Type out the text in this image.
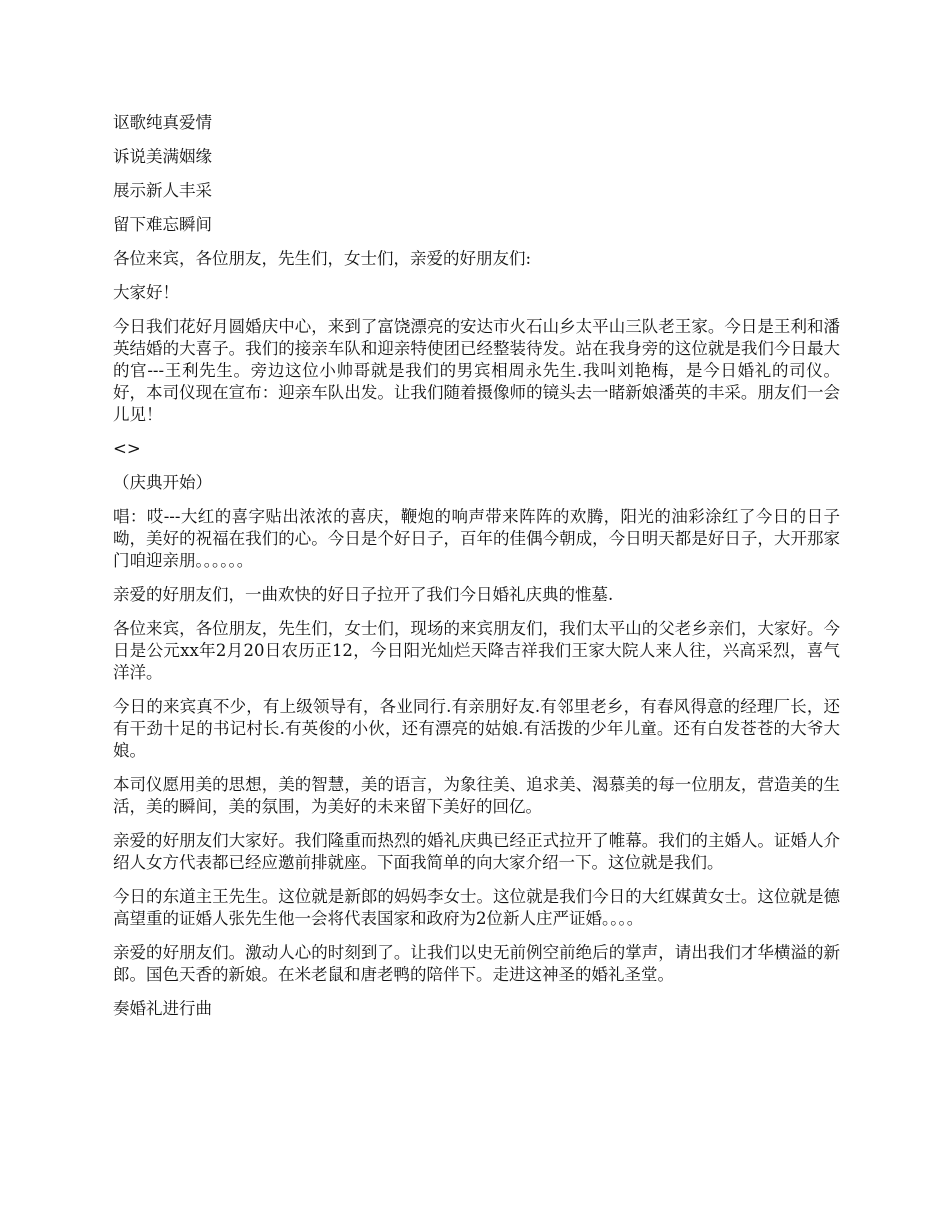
讴歌纯真爱情

诉说美满姻缘

展示新人丰采

留下难忘瞬间

各位来宾，各位朋友，先生们，女士们，亲爱的好朋友们:

大家好！

今日我们花好月圆婚庆中心，来到了富饶漂亮的安达市火石山乡太平山三队老王家。今日是王利和潘英结婚的大喜子。我们的接亲车队和迎亲特使团已经整装待发。站在我身旁的这位就是我们今日最大的官---王利先生。旁边这位小帅哥就是我们的男宾相周永先生.我叫刘艳梅，是今日婚礼的司仪。好，本司仪现在宣布：迎亲车队出发。让我们随着摄像师的镜头去一睹新娘潘英的丰采。朋友们一会儿见！

<>

（庆典开始）

唱：哎---大红的喜字贴出浓浓的喜庆，鞭炮的响声带来阵阵的欢腾，阳光的油彩涂红了今日的日子呦，美好的祝福在我们的心。今日是个好日子，百年的佳偶今朝成，今日明天都是好日子，大开那家门咱迎亲朋。。。。。。

亲爱的好朋友们，一曲欢快的好日子拉开了我们今日婚礼庆典的惟墓.

各位来宾，各位朋友，先生们，女士们，现场的来宾朋友们，我们太平山的父老乡亲们，大家好。今日是公元xx年2月20日农历正12，今日阳光灿烂天降吉祥我们王家大院人来人往，兴高采烈，喜气洋洋。

今日的来宾真不少，有上级领导有，各业同行.有亲朋好友.有邻里老乡，有春风得意的经理厂长，还有干劲十足的书记村长.有英俊的小伙，还有漂亮的姑娘.有活拨的少年儿童。还有白发苍苍的大爷大娘。

本司仪愿用美的思想，美的智慧，美的语言，为象往美、追求美、渴慕美的每一位朋友，营造美的生活，美的瞬间，美的氛围，为美好的未来留下美好的回亿。

亲爱的好朋友们大家好。我们隆重而热烈的婚礼庆典已经正式拉开了帷幕。我们的主婚人。证婚人介绍人女方代表都已经应邀前排就座。下面我简单的向大家介绍一下。这位就是我们。

今日的东道主王先生。这位就是新郎的妈妈李女士。这位就是我们今日的大红媒黄女士。这位就是德高望重的证婚人张先生他一会将代表国家和政府为2位新人庄严证婚。。。。

亲爱的好朋友们。激动人心的时刻到了。让我们以史无前例空前绝后的掌声，请出我们才华横溢的新郎。国色天香的新娘。在米老鼠和唐老鸭的陪伴下。走进这神圣的婚礼圣堂。

奏婚礼进行曲
